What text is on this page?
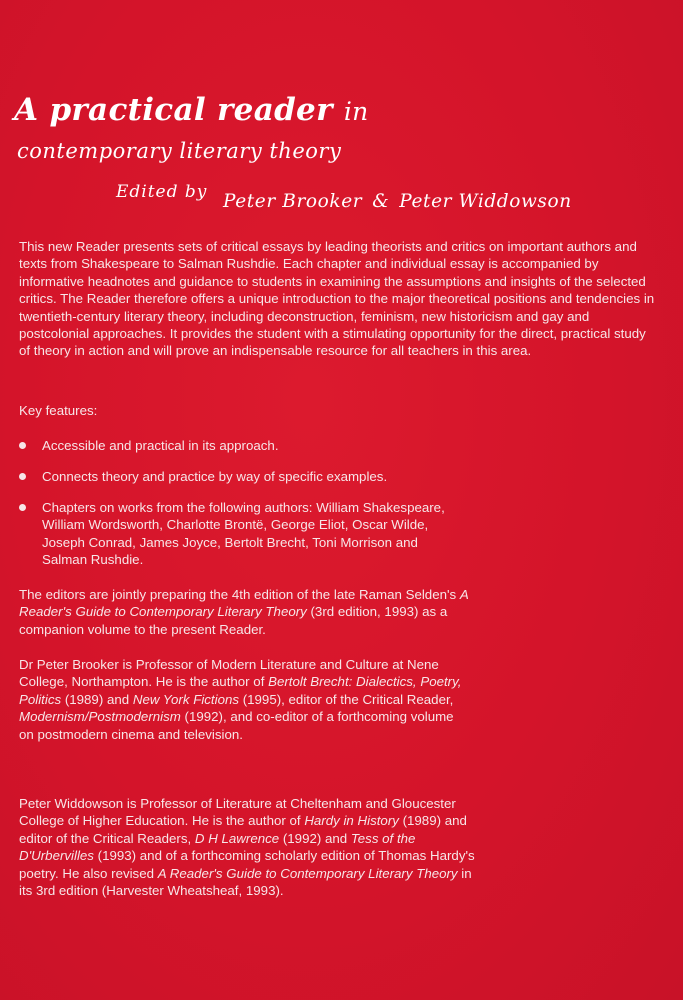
A practical reader in
contemporary literary theory
Edited by Peter Brooker & Peter Widdowson
This new Reader presents sets of critical essays by leading theorists and critics on important authors and texts from Shakespeare to Salman Rushdie. Each chapter and individual essay is accompanied by informative headnotes and guidance to students in examining the assumptions and insights of the selected critics. The Reader therefore offers a unique introduction to the major theoretical positions and tendencies in twentieth-century literary theory, including deconstruction, feminism, new historicism and gay and postcolonial approaches. It provides the student with a stimulating opportunity for the direct, practical study of theory in action and will prove an indispensable resource for all teachers in this area.
Key features:
Accessible and practical in its approach.
Connects theory and practice by way of specific examples.
Chapters on works from the following authors: William Shakespeare, William Wordsworth, Charlotte Brontë, George Eliot, Oscar Wilde, Joseph Conrad, James Joyce, Bertolt Brecht, Toni Morrison and Salman Rushdie.
The editors are jointly preparing the 4th edition of the late Raman Selden's A Reader's Guide to Contemporary Literary Theory (3rd edition, 1993) as a companion volume to the present Reader.
Dr Peter Brooker is Professor of Modern Literature and Culture at Nene College, Northampton. He is the author of Bertolt Brecht: Dialectics, Poetry, Politics (1989) and New York Fictions (1995), editor of the Critical Reader, Modernism/Postmodernism (1992), and co-editor of a forthcoming volume on postmodern cinema and television.
Peter Widdowson is Professor of Literature at Cheltenham and Gloucester College of Higher Education. He is the author of Hardy in History (1989) and editor of the Critical Readers, D H Lawrence (1992) and Tess of the D'Urbervilles (1993) and of a forthcoming scholarly edition of Thomas Hardy's poetry. He also revised A Reader's Guide to Contemporary Literary Theory in its 3rd edition (Harvester Wheatsheaf, 1993).
